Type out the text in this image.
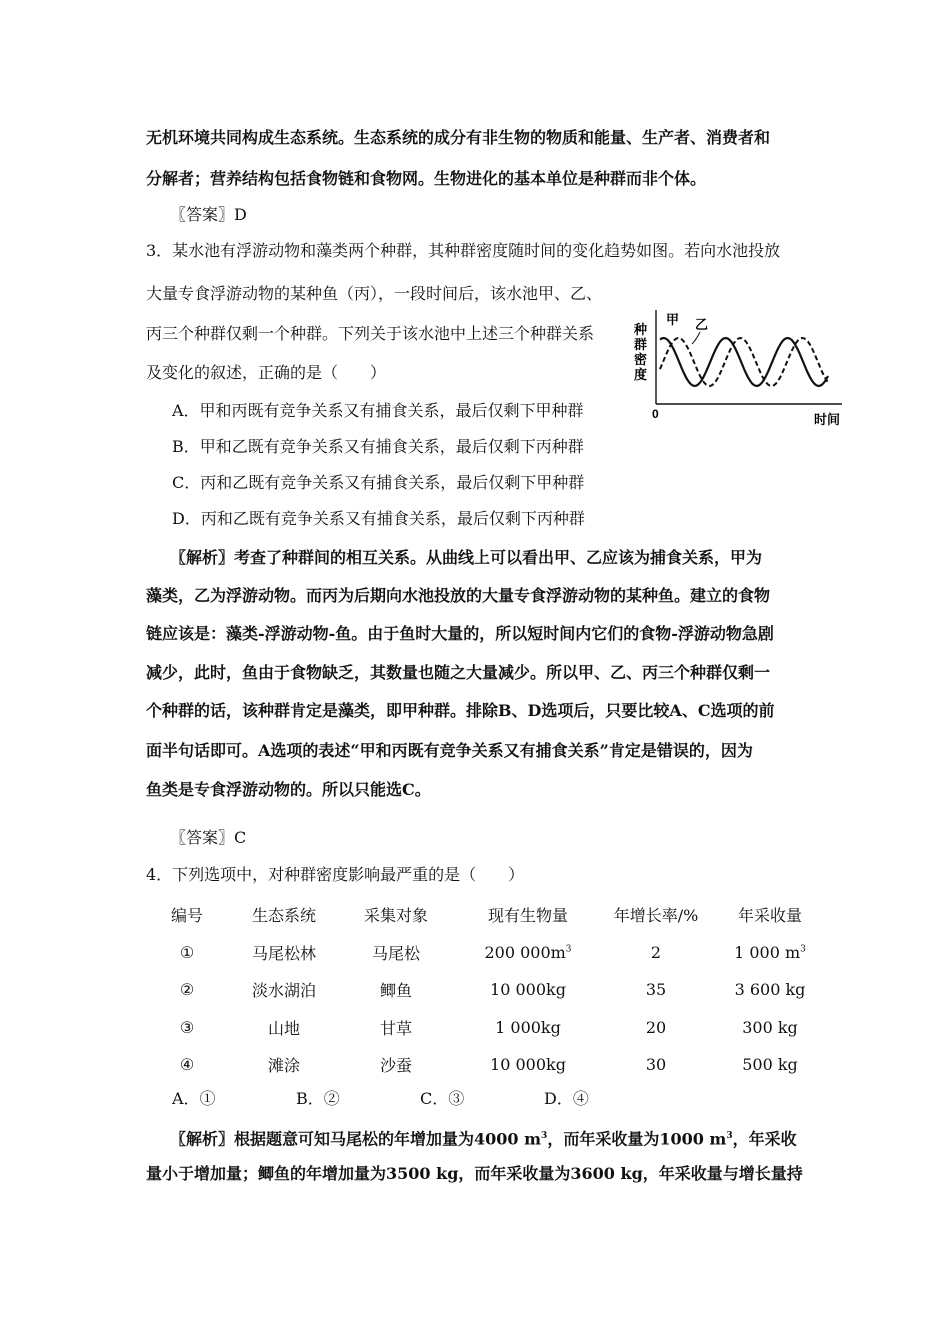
无机环境共同构成生态系统。生态系统的成分有非生物的物质和能量、生产者、消费者和
分解者；营养结构包括食物链和食物网。生物进化的基本单位是种群而非个体。
〖答案〗D
3．某水池有浮游动物和藻类两个种群，其种群密度随时间的变化趋势如图。若向水池投放
大量专食浮游动物的某种鱼（丙），一段时间后，该水池甲、乙、
丙三个种群仅剩一个种群。下列关于该水池中上述三个种群关系
及变化的叙述，正确的是（　　）
A．甲和丙既有竞争关系又有捕食关系，最后仅剩下甲种群
B．甲和乙既有竞争关系又有捕食关系，最后仅剩下丙种群
C．丙和乙既有竞争关系又有捕食关系，最后仅剩下甲种群
D．丙和乙既有竞争关系又有捕食关系，最后仅剩下丙种群
种
群
密
度
0	时间
甲 乙
〖解析〗考查了种群间的相互关系。从曲线上可以看出甲、乙应该为捕食关系，甲为
藻类，乙为浮游动物。而丙为后期向水池投放的大量专食浮游动物的某种鱼。建立的食物
链应该是：藻类-浮游动物-鱼。由于鱼时大量的，所以短时间内它们的食物-浮游动物急剧
减少，此时，鱼由于食物缺乏，其数量也随之大量减少。所以甲、乙、丙三个种群仅剩一
个种群的话，该种群肯定是藻类，即甲种群。排除B、D选项后，只要比较A、C选项的前
面半句话即可。A选项的表述“甲和丙既有竞争关系又有捕食关系”肯定是错误的，因为
鱼类是专食浮游动物的。所以只能选C。
〖答案〗C
4．下列选项中，对种群密度影响最严重的是（　　）
编号	生态系统	采集对象	现有生物量	年增长率/%	年采收量
①	马尾松林	马尾松	200 $000m^3$	2	1 000 $m^3$
②	淡水湖泊	鲫鱼	10 000kg	35	3 600 kg
③	山地	甘草	1 000kg	20	300 kg
④	滩涂	沙蚕	10 000kg	30	500 kg
A．①	B．②	C．③	D．④
〖解析〗根据题意可知马尾松的年增加量为4000 $m^3$，而年采收量为1000 $m^3$，年采收
量小于增加量；鲫鱼的年增加量为3500 kg，而年采收量为3600 kg，年采收量与增长量持
